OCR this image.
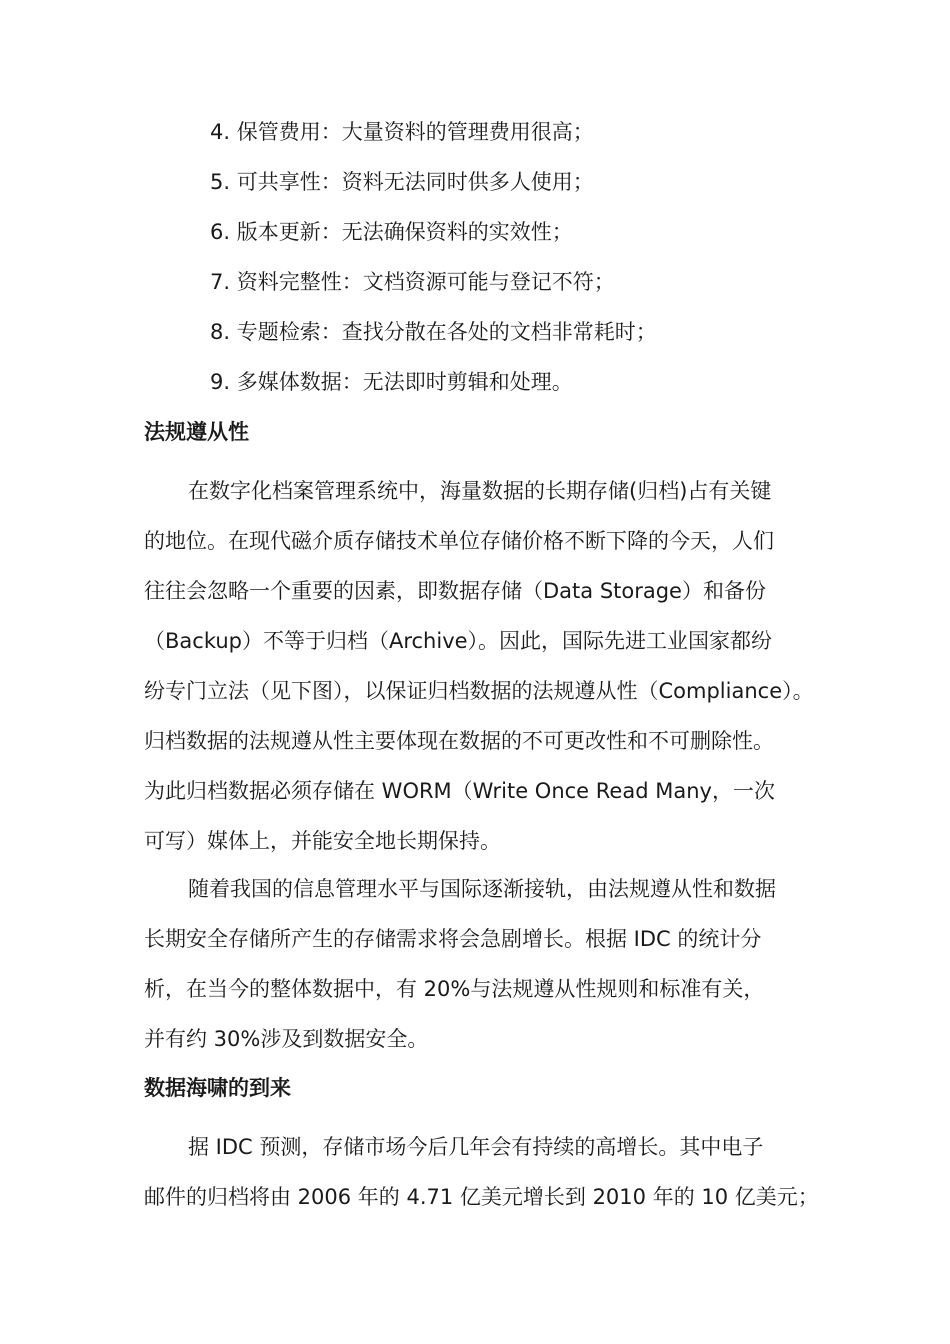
4. 保管费用：大量资料的管理费用很高；
5. 可共享性：资料无法同时供多人使用；
6. 版本更新：无法确保资料的实效性；
7. 资料完整性：文档资源可能与登记不符；
8. 专题检索：查找分散在各处的文档非常耗时；
9. 多媒体数据：无法即时剪辑和处理。
法规遵从性

在数字化档案管理系统中，海量数据的长期存储(归档)占有关键
的地位。在现代磁介质存储技术单位存储价格不断下降的今天，人们
往往会忽略一个重要的因素，即数据存储（Data Storage）和备份
（Backup）不等于归档（Archive）。因此，国际先进工业国家都纷
纷专门立法（见下图），以保证归档数据的法规遵从性（Compliance）。
归档数据的法规遵从性主要体现在数据的不可更改性和不可删除性。
为此归档数据必须存储在 WORM（Write Once Read Many，一次
可写）媒体上，并能安全地长期保持。

随着我国的信息管理水平与国际逐渐接轨，由法规遵从性和数据
长期安全存储所产生的存储需求将会急剧增长。根据 IDC 的统计分
析，在当今的整体数据中，有 20%与法规遵从性规则和标准有关，
并有约 30%涉及到数据安全。

数据海啸的到来

据 IDC 预测，存储市场今后几年会有持续的高增长。其中电子
邮件的归档将由 2006 年的 4.71 亿美元增长到 2010 年的 10 亿美元；
